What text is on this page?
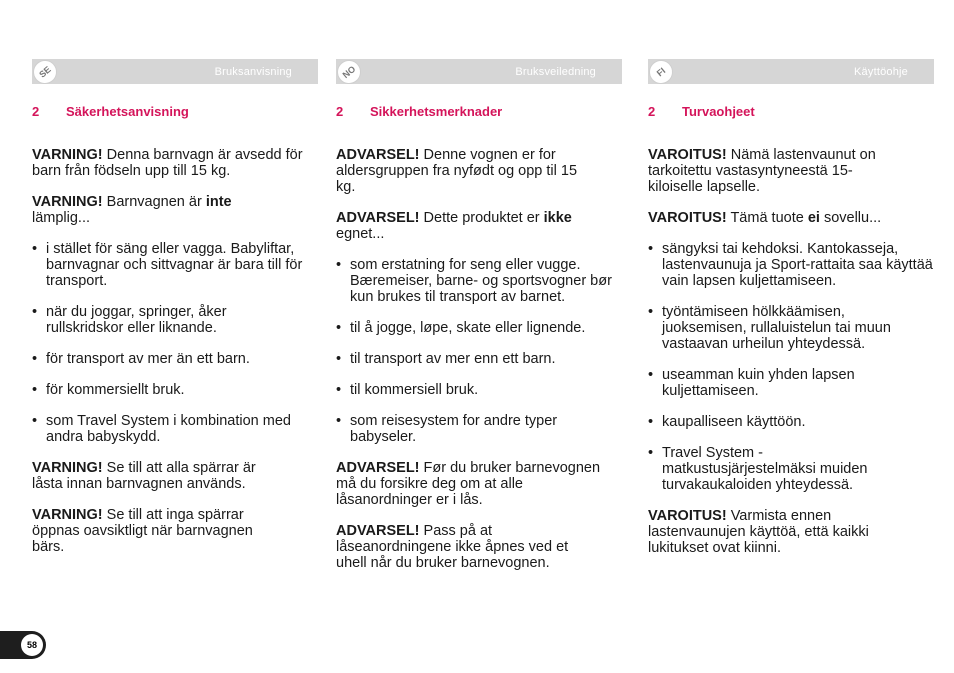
SE	Bruksanvisning
2	Säkerhetsanvisning

VARNING! Denna barnvagn är avsedd för barn från födseln upp till 15 kg.

VARNING! Barnvagnen är inte lämplig...

• i stället för säng eller vagga. Babyliftar, barnvagnar och sittvagnar är bara till för transport.
• när du joggar, springer, åker rullskridskor eller liknande.
• för transport av mer än ett barn.
• för kommersiellt bruk.
• som Travel System i kombination med andra babyskydd.

VARNING! Se till att alla spärrar är låsta innan barnvagnen används.

VARNING! Se till att inga spärrar öppnas oavsiktligt när barnvagnen bärs.

NO	Bruksveiledning
2	Sikkerhetsmerknader

ADVARSEL! Denne vognen er for aldersgruppen fra nyfødt og opp til 15 kg.

ADVARSEL! Dette produktet er ikke egnet...

• som erstatning for seng eller vugge. Bæremeiser, barne- og sportsvogner bør kun brukes til transport av barnet.
• til å jogge, løpe, skate eller lignende.
• til transport av mer enn ett barn.
• til kommersiell bruk.
• som reisesystem for andre typer babyseler.

ADVARSEL! Før du bruker barnevognen må du forsikre deg om at alle låsanordninger er i lås.

ADVARSEL! Pass på at låseanordningene ikke åpnes ved et uhell når du bruker barnevognen.

FI	Käyttöohje
2	Turvaohjeet

VAROITUS! Nämä lastenvaunut on tarkoitettu vastasyntyneestä 15-kiloiselle lapselle.

VAROITUS! Tämä tuote ei sovellu...

• sängyksi tai kehdoksi. Kantokasseja, lastenvaunuja ja Sport-rattaita saa käyttää vain lapsen kuljettamiseen.
• työntämiseen hölkkäämisen, juoksemisen, rullaluistelun tai muun vastaavan urheilun yhteydessä.
• useamman kuin yhden lapsen kuljettamiseen.
• kaupalliseen käyttöön.
• Travel System -matkustusjärjestelmäksi muiden turvakaukaloiden yhteydessä.

VAROITUS! Varmista ennen lastenvaunujen käyttöä, että kaikki lukitukset ovat kiinni.

58
